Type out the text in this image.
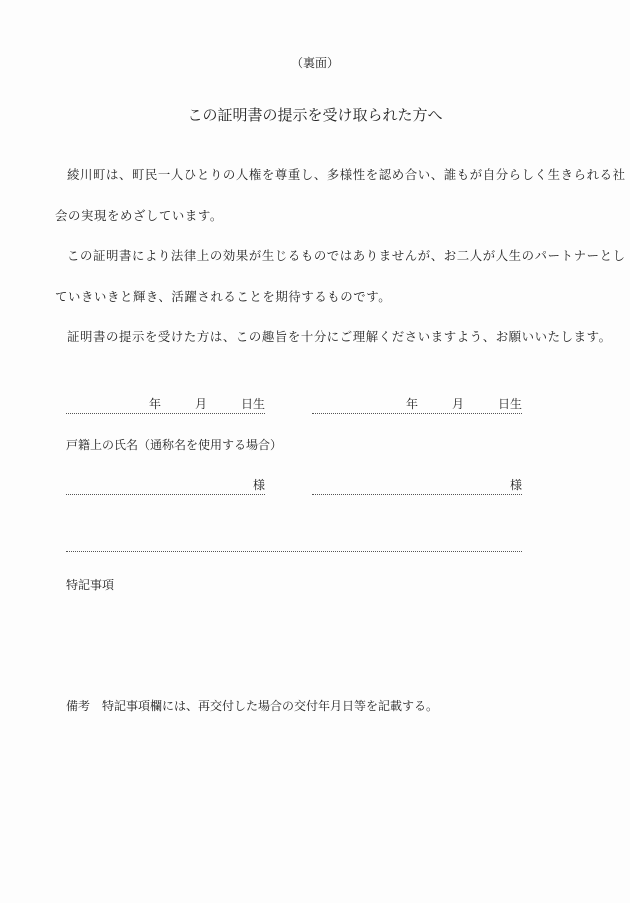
（裏面）
この証明書の提示を受け取られた方へ
綾川町は、町民一人ひとりの人権を尊重し、多様性を認め合い、誰もが自分らしく生きられる社
会の実現をめざしています。
この証明書により法律上の効果が生じるものではありませんが、お二人が人生のパートナーとし
ていきいきと輝き、活躍されることを期待するものです。
証明書の提示を受けた方は、この趣旨を十分にご理解くださいますよう、お願いいたします。
年	月	日生	年	月	日生
戸籍上の氏名（通称名を使用する場合）
様	様
特記事項
備考　特記事項欄には、再交付した場合の交付年月日等を記載する。
